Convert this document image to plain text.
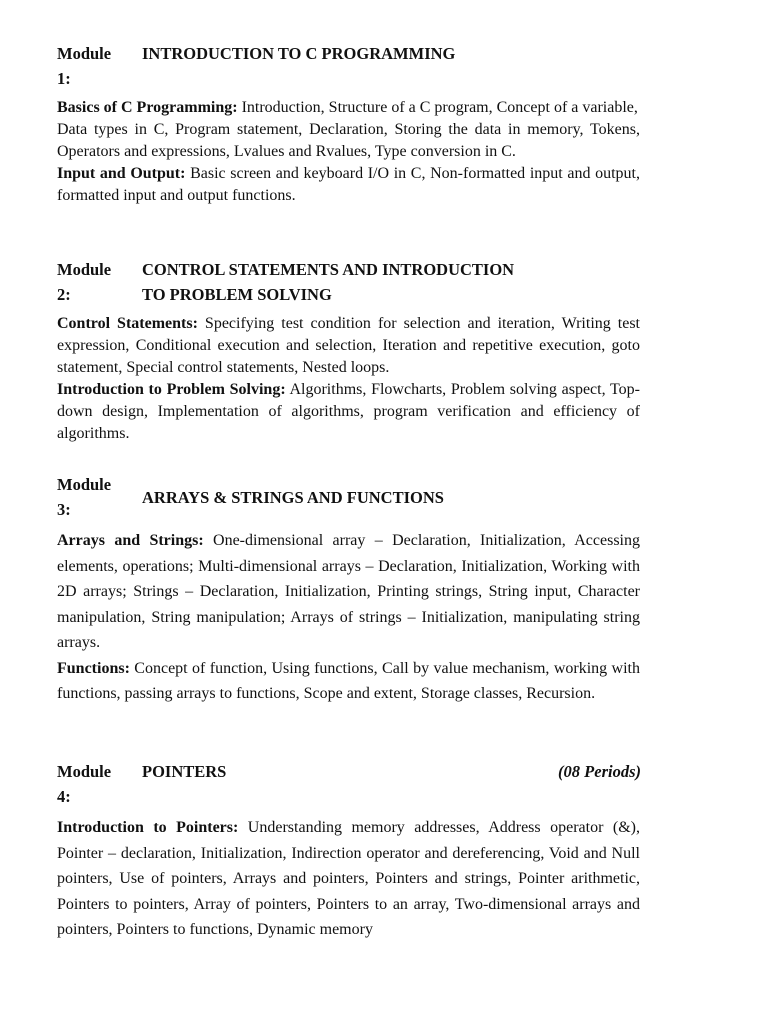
Module 1:
INTRODUCTION TO C PROGRAMMING

Basics of C Programming: Introduction, Structure of a C program, Concept of a variable,

Data types in C, Program statement, Declaration, Storing the data in memory, Tokens, Operators and expressions, Lvalues and Rvalues, Type conversion in C.

Input and Output: Basic screen and keyboard I/O in C, Non-formatted input and output, formatted input and output functions.

Module 2:
CONTROL STATEMENTS AND INTRODUCTION
TO PROBLEM SOLVING

Control Statements: Specifying test condition for selection and iteration, Writing test expression, Conditional execution and selection, Iteration and repetitive execution, goto statement, Special control statements, Nested loops.

Introduction to Problem Solving: Algorithms, Flowcharts, Problem solving aspect, Top-down design, Implementation of algorithms, program verification and efficiency of algorithms.

Module 3:
ARRAYS & STRINGS AND FUNCTIONS

Arrays and Strings: One-dimensional array – Declaration, Initialization, Accessing elements, operations; Multi-dimensional arrays – Declaration, Initialization, Working with 2D arrays; Strings – Declaration, Initialization, Printing strings, String input, Character manipulation, String manipulation; Arrays of strings – Initialization, manipulating string arrays.

Functions: Concept of function, Using functions, Call by value mechanism, working with functions, passing arrays to functions, Scope and extent, Storage classes, Recursion.

Module 4:
POINTERS	(08 Periods)

Introduction to Pointers: Understanding memory addresses, Address operator (&), Pointer – declaration, Initialization, Indirection operator and dereferencing, Void and Null pointers, Use of pointers, Arrays and pointers, Pointers and strings, Pointer arithmetic, Pointers to pointers, Array of pointers, Pointers to an array, Two-dimensional arrays and pointers, Pointers to functions, Dynamic memory
